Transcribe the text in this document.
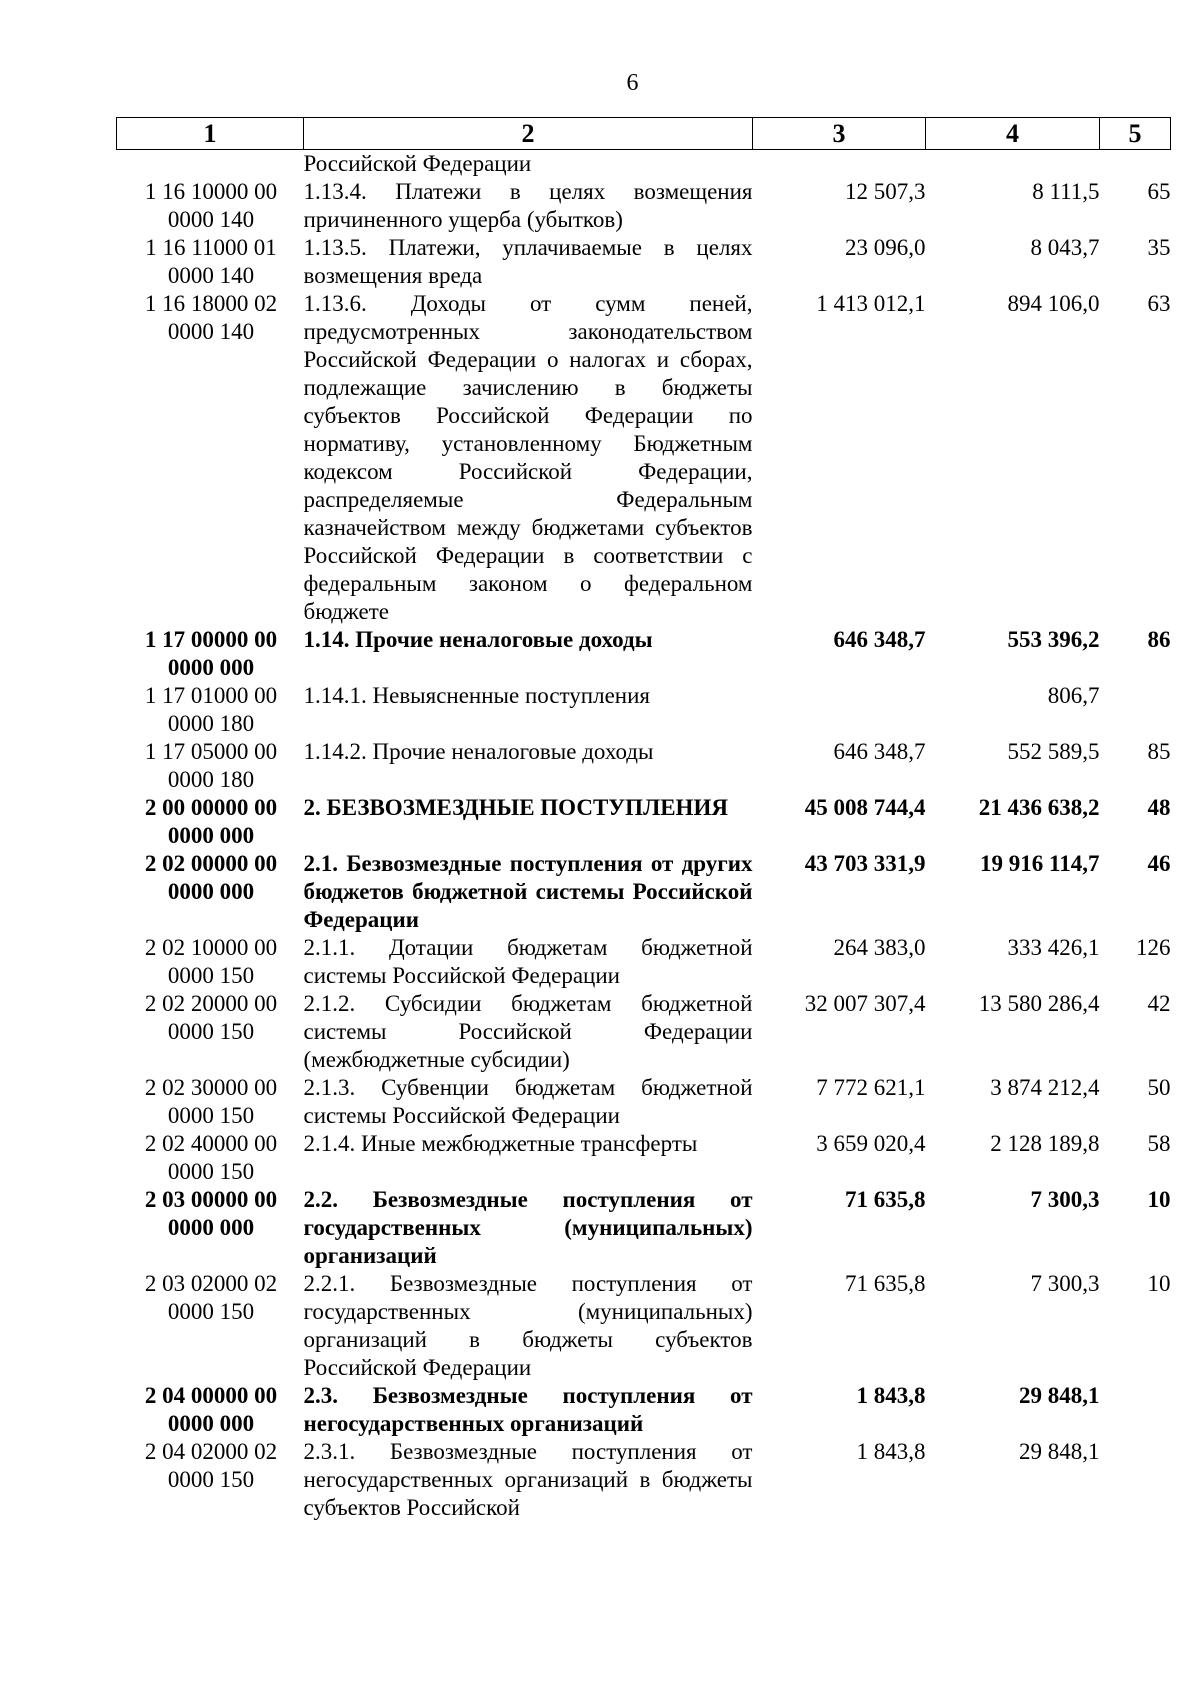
6
1	2	3	4	5
	Российской Федерации			
1 16 10000 00 0000 140	1.13.4. Платежи в целях возмещения причиненного ущерба (убытков)	12 507,3	8 111,5	65
1 16 11000 01 0000 140	1.13.5. Платежи, уплачиваемые в целях возмещения вреда	23 096,0	8 043,7	35
1 16 18000 02 0000 140	1.13.6. Доходы от сумм пеней, предусмотренных законодательством Российской Федерации о налогах и сборах, подлежащие зачислению в бюджеты субъектов Российской Федерации по нормативу, установленному Бюджетным кодексом Российской Федерации, распределяемые Федеральным казначейством между бюджетами субъектов Российской Федерации в соответствии с федеральным законом о федеральном бюджете	1 413 012,1	894 106,0	63
1 17 00000 00 0000 000	1.14. Прочие неналоговые доходы	646 348,7	553 396,2	86
1 17 01000 00 0000 180	1.14.1. Невыясненные поступления		806,7	
1 17 05000 00 0000 180	1.14.2. Прочие неналоговые доходы	646 348,7	552 589,5	85
2 00 00000 00 0000 000	2. БЕЗВОЗМЕЗДНЫЕ ПОСТУПЛЕНИЯ	45 008 744,4	21 436 638,2	48
2 02 00000 00 0000 000	2.1. Безвозмездные поступления от других бюджетов бюджетной системы Российской Федерации	43 703 331,9	19 916 114,7	46
2 02 10000 00 0000 150	2.1.1. Дотации бюджетам бюджетной системы Российской Федерации	264 383,0	333 426,1	126
2 02 20000 00 0000 150	2.1.2. Субсидии бюджетам бюджетной системы Российской Федерации (межбюджетные субсидии)	32 007 307,4	13 580 286,4	42
2 02 30000 00 0000 150	2.1.3. Субвенции бюджетам бюджетной системы Российской Федерации	7 772 621,1	3 874 212,4	50
2 02 40000 00 0000 150	2.1.4. Иные межбюджетные трансферты	3 659 020,4	2 128 189,8	58
2 03 00000 00 0000 000	2.2. Безвозмездные поступления от государственных (муниципальных) организаций	71 635,8	7 300,3	10
2 03 02000 02 0000 150	2.2.1. Безвозмездные поступления от государственных (муниципальных) организаций в бюджеты субъектов Российской Федерации	71 635,8	7 300,3	10
2 04 00000 00 0000 000	2.3. Безвозмездные поступления от негосударственных организаций	1 843,8	29 848,1	
2 04 02000 02 0000 150	2.3.1. Безвозмездные поступления от негосударственных организаций в бюджеты субъектов Российской	1 843,8	29 848,1	
